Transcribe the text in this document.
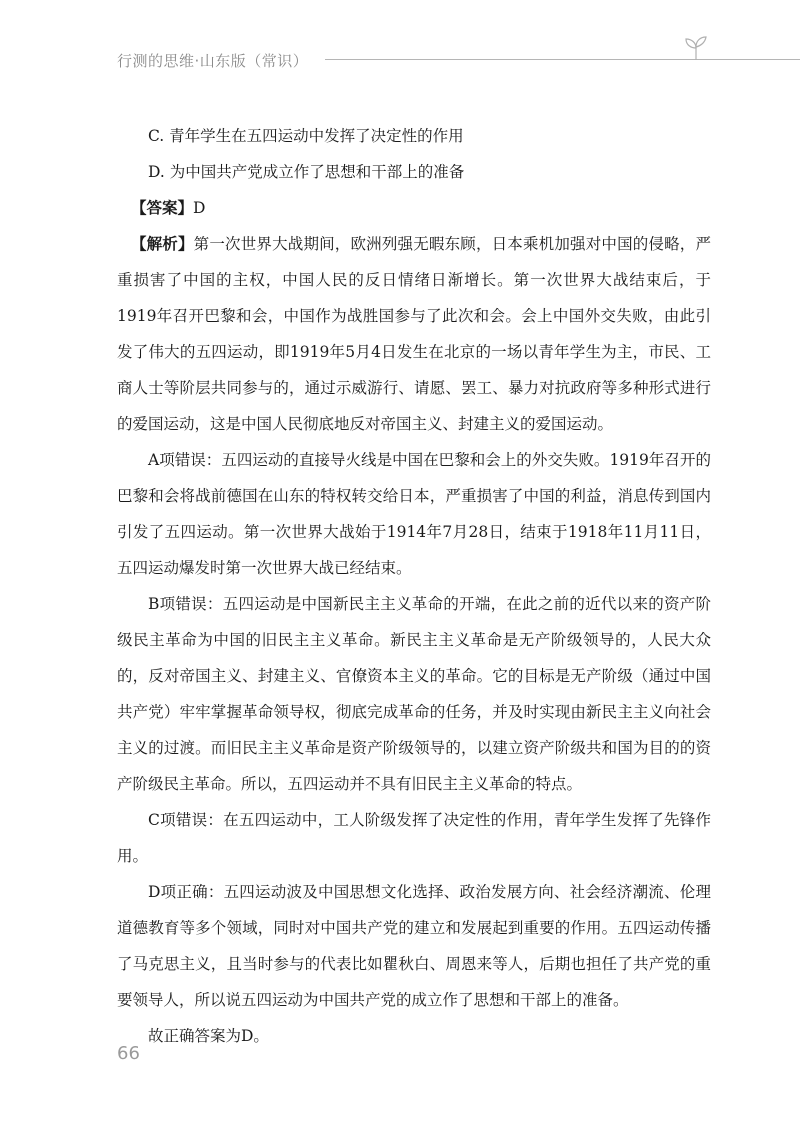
行测的思维·山东版（常识）

C. 青年学生在五四运动中发挥了决定性的作用

D. 为中国共产党成立作了思想和干部上的准备

【答案】D

【解析】第一次世界大战期间，欧洲列强无暇东顾，日本乘机加强对中国的侵略，严重损害了中国的主权，中国人民的反日情绪日渐增长。第一次世界大战结束后，于1919年召开巴黎和会，中国作为战胜国参与了此次和会。会上中国外交失败，由此引发了伟大的五四运动，即1919年5月4日发生在北京的一场以青年学生为主，市民、工商人士等阶层共同参与的，通过示威游行、请愿、罢工、暴力对抗政府等多种形式进行的爱国运动，这是中国人民彻底地反对帝国主义、封建主义的爱国运动。

A项错误：五四运动的直接导火线是中国在巴黎和会上的外交失败。1919年召开的巴黎和会将战前德国在山东的特权转交给日本，严重损害了中国的利益，消息传到国内引发了五四运动。第一次世界大战始于1914年7月28日，结束于1918年11月11日，五四运动爆发时第一次世界大战已经结束。

B项错误：五四运动是中国新民主主义革命的开端，在此之前的近代以来的资产阶级民主革命为中国的旧民主主义革命。新民主主义革命是无产阶级领导的，人民大众的，反对帝国主义、封建主义、官僚资本主义的革命。它的目标是无产阶级（通过中国共产党）牢牢掌握革命领导权，彻底完成革命的任务，并及时实现由新民主主义向社会主义的过渡。而旧民主主义革命是资产阶级领导的，以建立资产阶级共和国为目的的资产阶级民主革命。所以，五四运动并不具有旧民主主义革命的特点。

C项错误：在五四运动中，工人阶级发挥了决定性的作用，青年学生发挥了先锋作用。

D项正确：五四运动波及中国思想文化选择、政治发展方向、社会经济潮流、伦理道德教育等多个领域，同时对中国共产党的建立和发展起到重要的作用。五四运动传播了马克思主义，且当时参与的代表比如瞿秋白、周恩来等人，后期也担任了共产党的重要领导人，所以说五四运动为中国共产党的成立作了思想和干部上的准备。

故正确答案为D。

66
